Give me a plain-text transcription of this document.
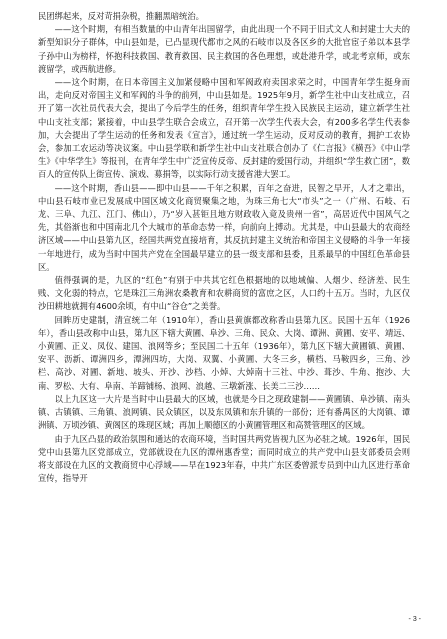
民团绑起来，反对苛捐杂税，推翻黑暗统治。

——这个时期，有相当数量的中山青年出国留学，由此出现一个不同于旧式文人和封建士大夫的新型知识分子群体，中山县如是，已凸显现代都市之风的石岐市以及各区乡的大批官宦子弟以本县学子孙中山为榜样，怀抱科技救国、教育救国、民主救国的各色理想，或赴港升学，或北考京师，或东渡留学，或西航进修。

——这个时期，在日本帝国主义加紧侵略中国和军阀政府卖国求荣之时，中国青年学生挺身而出，走向反对帝国主义和军阀的斗争的前列，中山县如是。1925年9月，新学生社中山支社成立，召开了第一次社员代表大会，提出了今后学生的任务，组织青年学生投入民族民主运动，建立新学生社中山支社支部；紧接着，中山县学生联合会成立，召开第一次学生代表大会，有200多名学生代表参加，大会提出了学生运动的任务和发表《宣言》，通过统一学生运动，反对反动的教育，拥护工农协会，参加工农运动等决议案。中山县学联和新学生社中山支社联合创办了《仁言报》《横吾》《中山学生》《中华学生》等报刊，在青年学生中广泛宣传反帝、反封建的爱国行动，并组织“学生救亡团”，数百人的宣传队上街宣传、演戏、募捐等，以实际行动支援省港大罢工。

——这个时期，香山县——即中山县——千年之积累，百年之奋进，民智之早开，人才之辈出，中山县石岐市业已发展成中国区域文化商贸聚集之地，为珠三角七大“市头”之一（广州、石岐、石龙、三阜、九江、江门、佛山），乃“岁入甚钜且地方财政收入竟及贵州一省”，高居近代中国风气之先，其俗渐也和中国南北几个大城市的革命态势一样，向前向上搏动。尤其是，中山县最大的农商经济区域——中山县第九区，经国共两党直接培育，其反抗封建主义统治和帝国主义侵略的斗争一年接一年地进行，成为当时中国共产党在全国最早建立的县一级支部和县委，且系最早的中国红色革命县区。

值得强调的是，九区的“红色”有别于中共其它红色根据地的以地域偏、人烟少、经济差、民生贱、文化弱的特点，它是珠江三角洲农桑教育和农耕商贸的富庶之区，人口约十五万。当时，九区仅沙田耕地就拥有4600余顷，有中山“谷仓”之美誉。

回眸历史建制，清宣统二年（1910年），香山县黄旗都改称香山县第九区。民国十五年（1926年），香山县改称中山县，第九区下辖大黄圃、阜沙、三角、民众、大岗、谭洲、黄圃、安平、靖远、小黄圃、正义、凤仪、建国、浪网等乡；至民国二十五年（1936年），第九区下辖大黄圃镇、黄圃、安平、沥新、谭洲四乡，潭洲四坊，大岗、双翼、小黄圃、大冬三乡，横档、马鞍四乡，三角、沙栏、高沙、对圃、新地、坡头、开沙、沙档、小焯、大焯南十三社、中沙、葺沙、牛角、抱沙、大南、罗松、大有、阜南、羊蹄铺杨、浪网、浪越、三墩新涨、长美二三沙……

以上九区这一大片是当时中山县最大的区域，也就是今日之现政建制——黄圃镇、阜沙镇、南头镇、古镇镇、三角镇、浪网镇、民众镇区，以及东凤镇和东升镇的一部份；还有番禺区的大岗镇、谭洲镇、万顷沙镇、黄阁区的珠现区域；再加上顺德区的小黄圃管理区和高赞管理区的区域。

由于九区凸显的政治氛围和通达的农商环境，当时国共两党皆视九区为必驻之域。1926年，国民党中山县第九区党部成立，党部就设在九区的潭州惠香堂；而同时成立的共产党中山县支部委员会则将支部设在九区的文教商贸中心浮域——早在1923年春，中共广东区委曾派专员到中山九区进行革命宣传，指导开

- 3 -
